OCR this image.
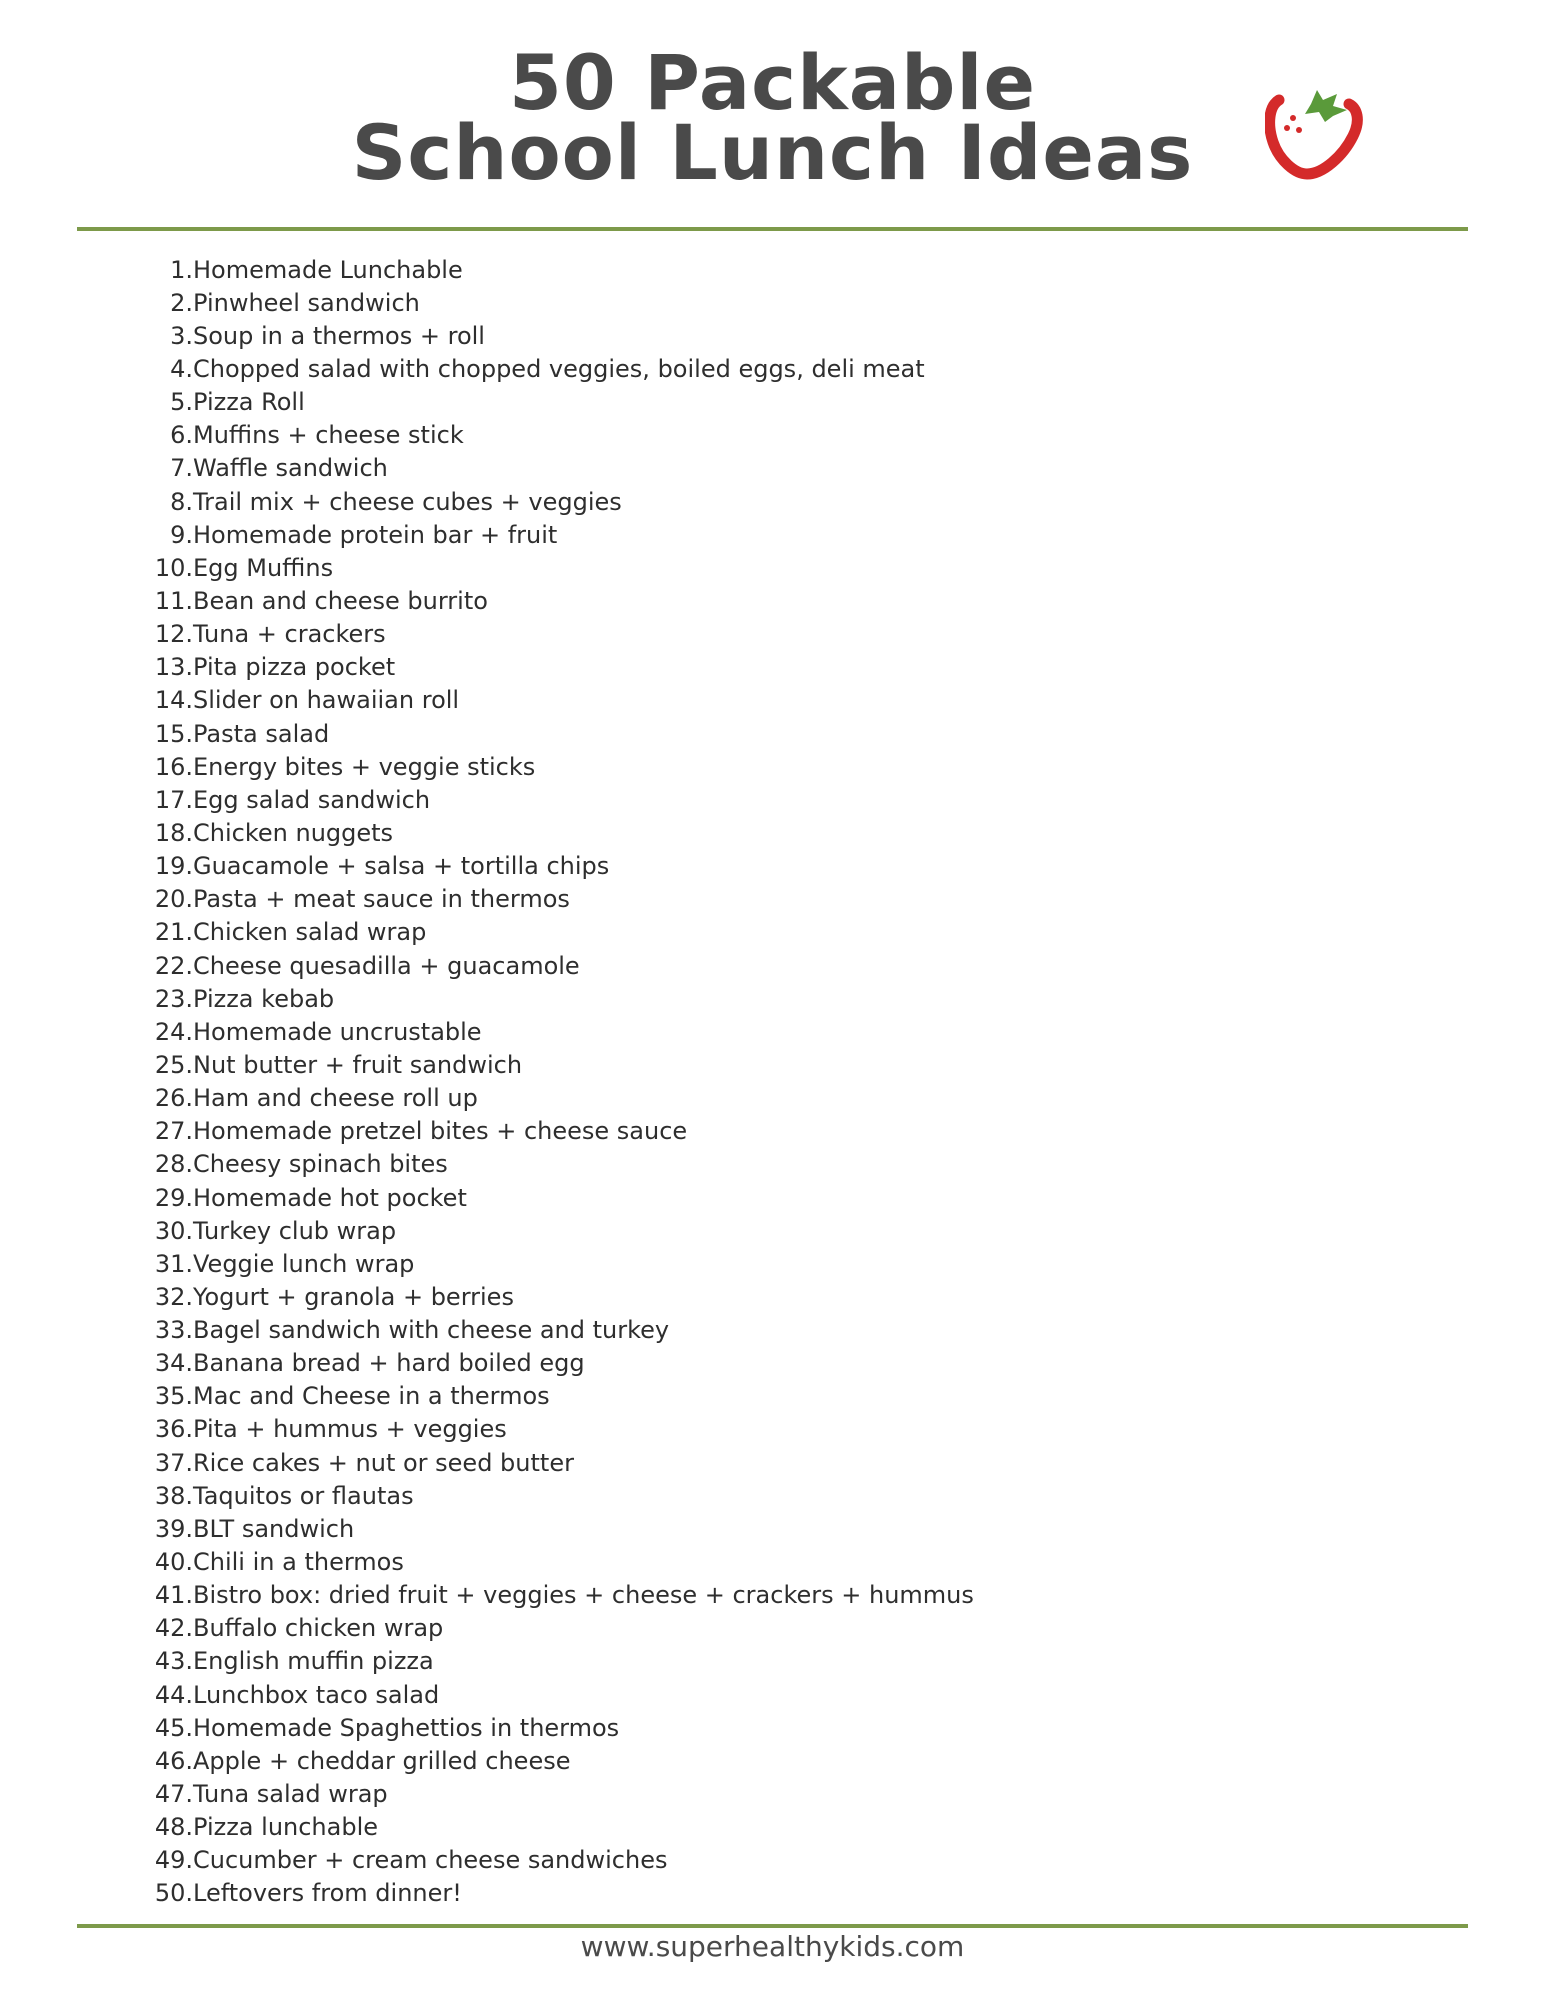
50 Packable
School Lunch Ideas
1. Homemade Lunchable
2. Pinwheel sandwich
3. Soup in a thermos + roll
4. Chopped salad with chopped veggies, boiled eggs, deli meat
5. Pizza Roll
6. Muffins + cheese stick
7. Waffle sandwich
8. Trail mix + cheese cubes + veggies
9. Homemade protein bar + fruit
10. Egg Muffins
11. Bean and cheese burrito
12. Tuna + crackers
13. Pita pizza pocket
14. Slider on hawaiian roll
15. Pasta salad
16. Energy bites + veggie sticks
17. Egg salad sandwich
18. Chicken nuggets
19. Guacamole + salsa + tortilla chips
20. Pasta + meat sauce in thermos
21. Chicken salad wrap
22. Cheese quesadilla + guacamole
23. Pizza kebab
24. Homemade uncrustable
25. Nut butter + fruit sandwich
26. Ham and cheese roll up
27. Homemade pretzel bites + cheese sauce
28. Cheesy spinach bites
29. Homemade hot pocket
30. Turkey club wrap
31. Veggie lunch wrap
32. Yogurt + granola + berries
33. Bagel sandwich with cheese and turkey
34. Banana bread + hard boiled egg
35. Mac and Cheese in a thermos
36. Pita + hummus + veggies
37. Rice cakes + nut or seed butter
38. Taquitos or flautas
39. BLT sandwich
40. Chili in a thermos
41. Bistro box: dried fruit + veggies + cheese + crackers + hummus
42. Buffalo chicken wrap
43. English muffin pizza
44. Lunchbox taco salad
45. Homemade Spaghettios in thermos
46. Apple + cheddar grilled cheese
47. Tuna salad wrap
48. Pizza lunchable
49. Cucumber + cream cheese sandwiches
50. Leftovers from dinner!
www.superhealthykids.com
